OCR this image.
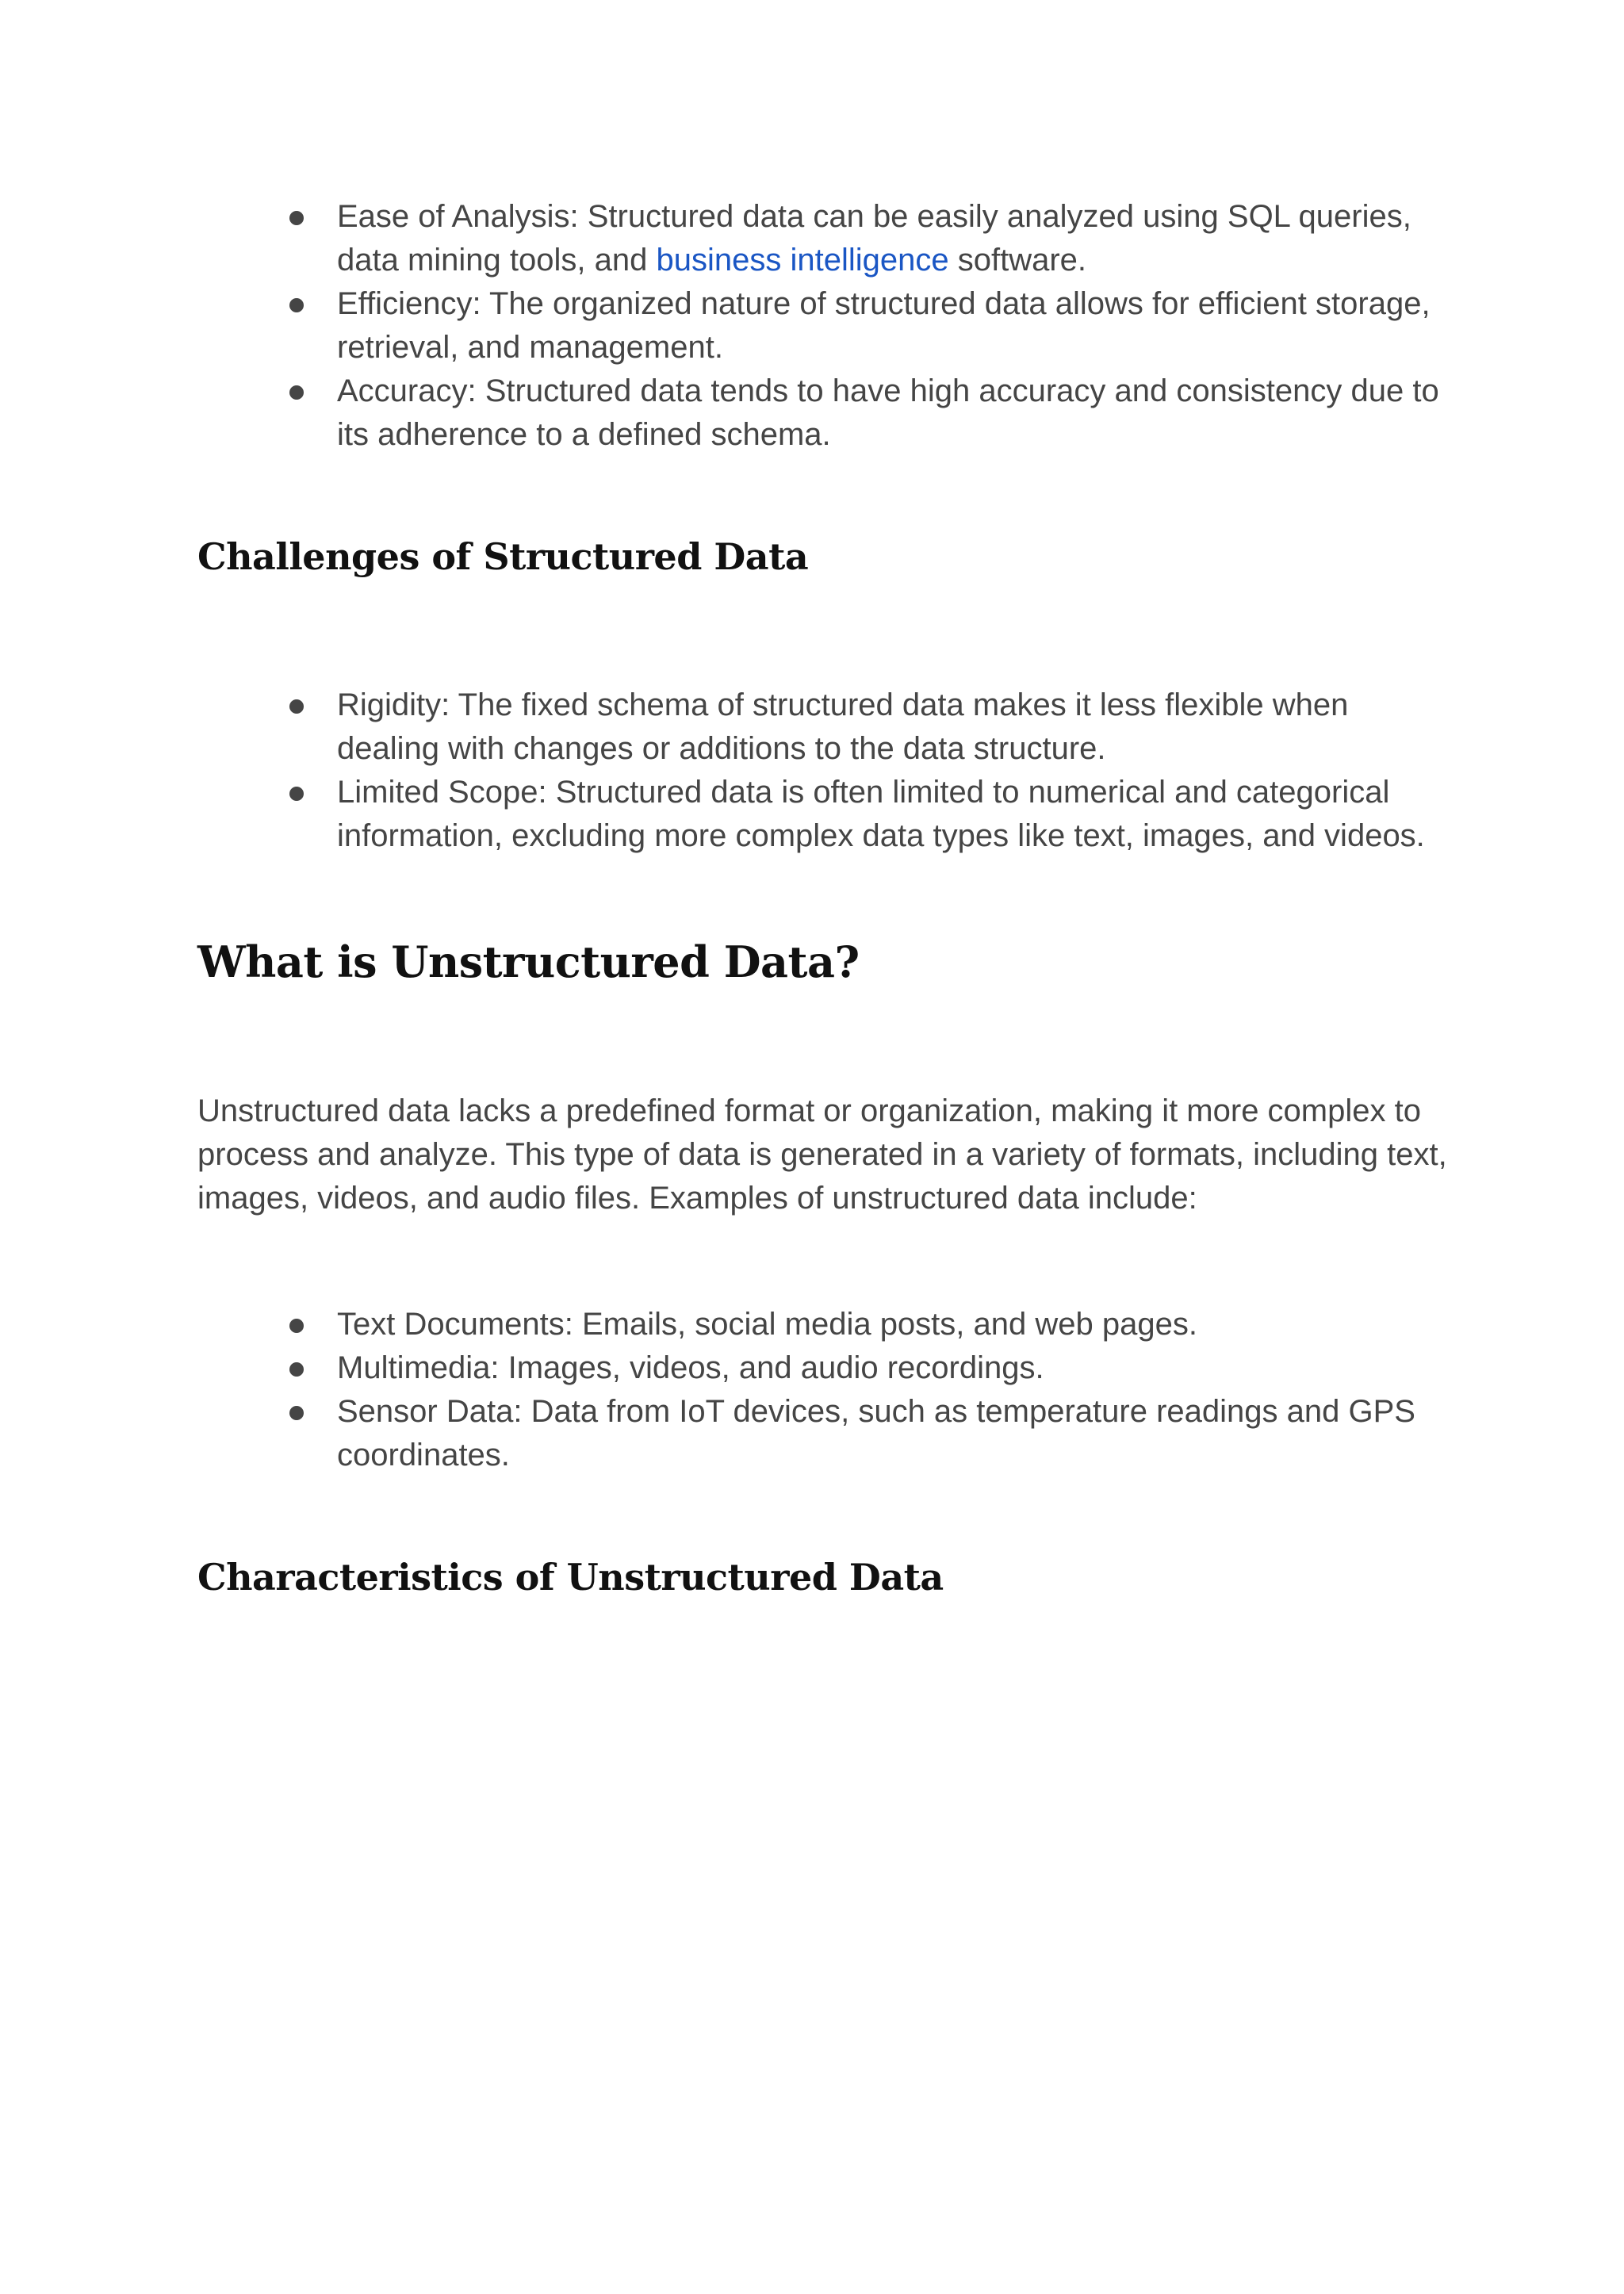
Ease of Analysis: Structured data can be easily analyzed using SQL queries, data mining tools, and business intelligence software.
Efficiency: The organized nature of structured data allows for efficient storage, retrieval, and management.
Accuracy: Structured data tends to have high accuracy and consistency due to its adherence to a defined schema.
Challenges of Structured Data
Rigidity: The fixed schema of structured data makes it less flexible when dealing with changes or additions to the data structure.
Limited Scope: Structured data is often limited to numerical and categorical information, excluding more complex data types like text, images, and videos.
What is Unstructured Data?

Unstructured data lacks a predefined format or organization, making it more complex to process and analyze. This type of data is generated in a variety of formats, including text, images, videos, and audio files. Examples of unstructured data include:

Text Documents: Emails, social media posts, and web pages.
Multimedia: Images, videos, and audio recordings.
Sensor Data: Data from IoT devices, such as temperature readings and GPS coordinates.
Characteristics of Unstructured Data
